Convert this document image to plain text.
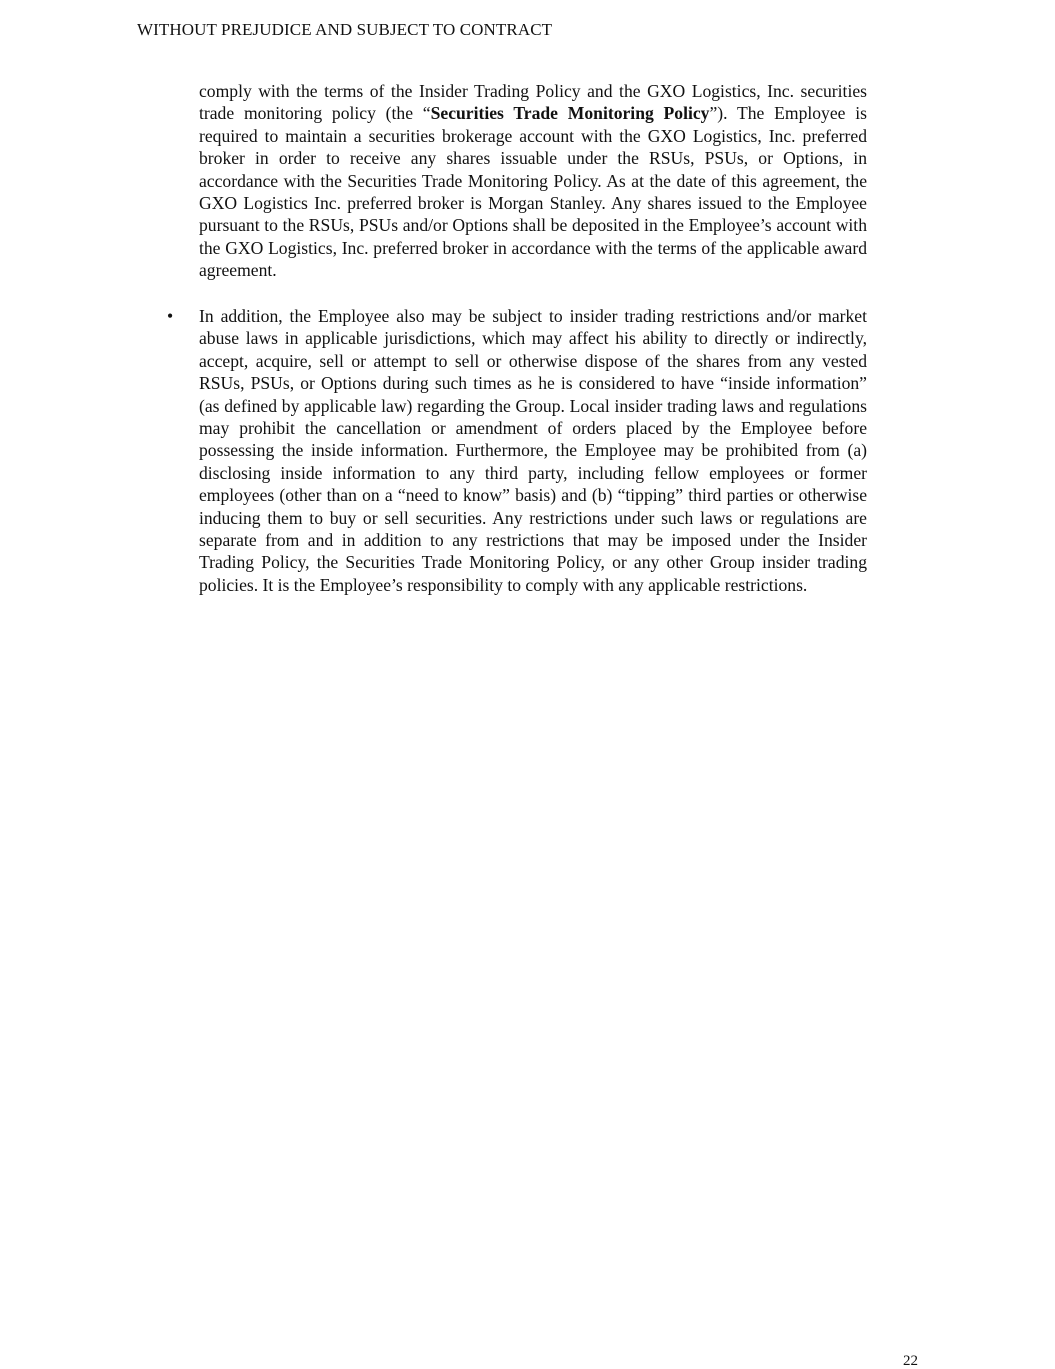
WITHOUT PREJUDICE AND SUBJECT TO CONTRACT

comply with the terms of the Insider Trading Policy and the GXO Logistics, Inc. securities trade monitoring policy (the “Securities Trade Monitoring Policy”). The Employee is required to maintain a securities brokerage account with the GXO Logistics, Inc. preferred broker in order to receive any shares issuable under the RSUs, PSUs, or Options, in accordance with the Securities Trade Monitoring Policy. As at the date of this agreement, the GXO Logistics Inc. preferred broker is Morgan Stanley. Any shares issued to the Employee pursuant to the RSUs, PSUs and/or Options shall be deposited in the Employee’s account with the GXO Logistics, Inc. preferred broker in accordance with the terms of the applicable award agreement.

• In addition, the Employee also may be subject to insider trading restrictions and/or market abuse laws in applicable jurisdictions, which may affect his ability to directly or indirectly, accept, acquire, sell or attempt to sell or otherwise dispose of the shares from any vested RSUs, PSUs, or Options during such times as he is considered to have “inside information” (as defined by applicable law) regarding the Group. Local insider trading laws and regulations may prohibit the cancellation or amendment of orders placed by the Employee before possessing the inside information. Furthermore, the Employee may be prohibited from (a) disclosing inside information to any third party, including fellow employees or former employees (other than on a “need to know” basis) and (b) “tipping” third parties or otherwise inducing them to buy or sell securities. Any restrictions under such laws or regulations are separate from and in addition to any restrictions that may be imposed under the Insider Trading Policy, the Securities Trade Monitoring Policy, or any other Group insider trading policies. It is the Employee’s responsibility to comply with any applicable restrictions.

22
